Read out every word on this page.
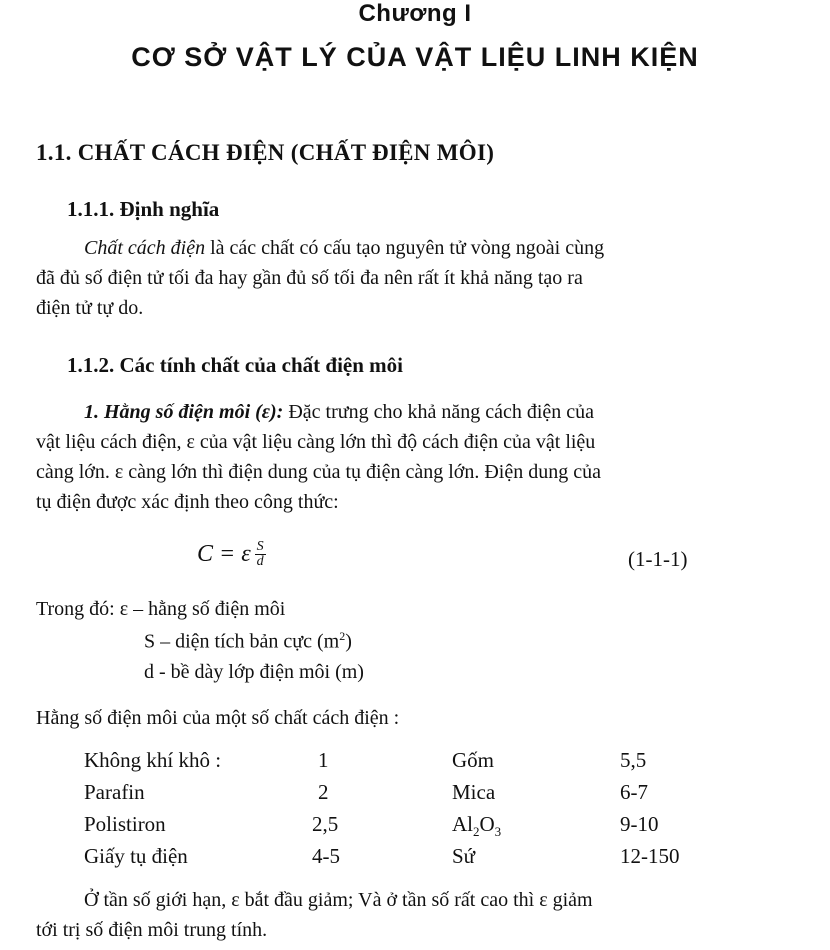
Chương I
CƠ SỞ VẬT LÝ CỦA VẬT LIỆU LINH KIỆN
1.1. CHẤT CÁCH ĐIỆN (CHẤT ĐIỆN MÔI)
1.1.1. Định nghĩa
Chất cách điện là các chất có cấu tạo nguyên tử vòng ngoài cùng
đã đủ số điện tử tối đa hay gần đủ số tối đa nên rất ít khả năng tạo ra
điện tử tự do.
1.1.2. Các tính chất của chất điện môi
1. Hằng số điện môi (ε): Đặc trưng cho khả năng cách điện của
vật liệu cách điện, ε của vật liệu càng lớn thì độ cách điện của vật liệu
càng lớn. ε càng lớn thì điện dung của tụ điện càng lớn. Điện dung của
tụ điện được xác định theo công thức:
C = ε $\frac{S}{d}$	(1-1-1)
Trong đó: ε – hằng số điện môi
S – diện tích bản cực $(m^2)$
d - bề dày lớp điện môi (m)
Hằng số điện môi của một số chất cách điện :
Không khí khô :	1	Gốm	5,5
Parafin	2	Mica	6-7
Polistiron	2,5	$Al_2O_3$	9-10
Giấy tụ điện	4-5	Sứ	12-150
Ở tần số giới hạn, ε bắt đầu giảm; Và ở tần số rất cao thì ε giảm
tới trị số điện môi trung tính.
